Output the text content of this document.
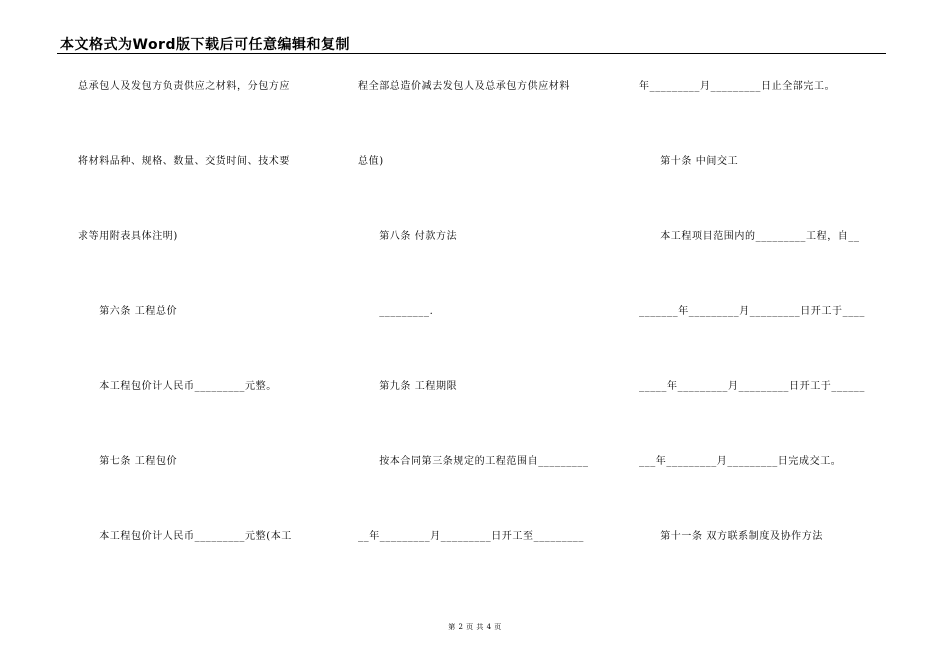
本文格式为Word版下载后可任意编辑和复制
总承包人及发包方负责供应之材料，分包方应
将材料品种、规格、数量、交货时间、技术要
求等用附表具体注明)
　　第六条 工程总价
　　本工程包价计人民币_________元整。
　　第七条 工程包价
　　本工程包价计人民币_________元整(本工
程全部总造价减去发包人及总承包方供应材料
总值)
　　第八条 付款方法
　　_________.
　　第九条 工程期限
　　按本合同第三条规定的工程范围自_________
__年_________月_________日开工至_________
年_________月_________日止全部完工。
　　第十条 中间交工
　　本工程项目范围内的_________工程，自__
_______年_________月_________日开工于____
_____年_________月_________日开工于______
___年_________月_________日完成交工。
　　第十一条 双方联系制度及协作方法
第 2 页 共 4 页
